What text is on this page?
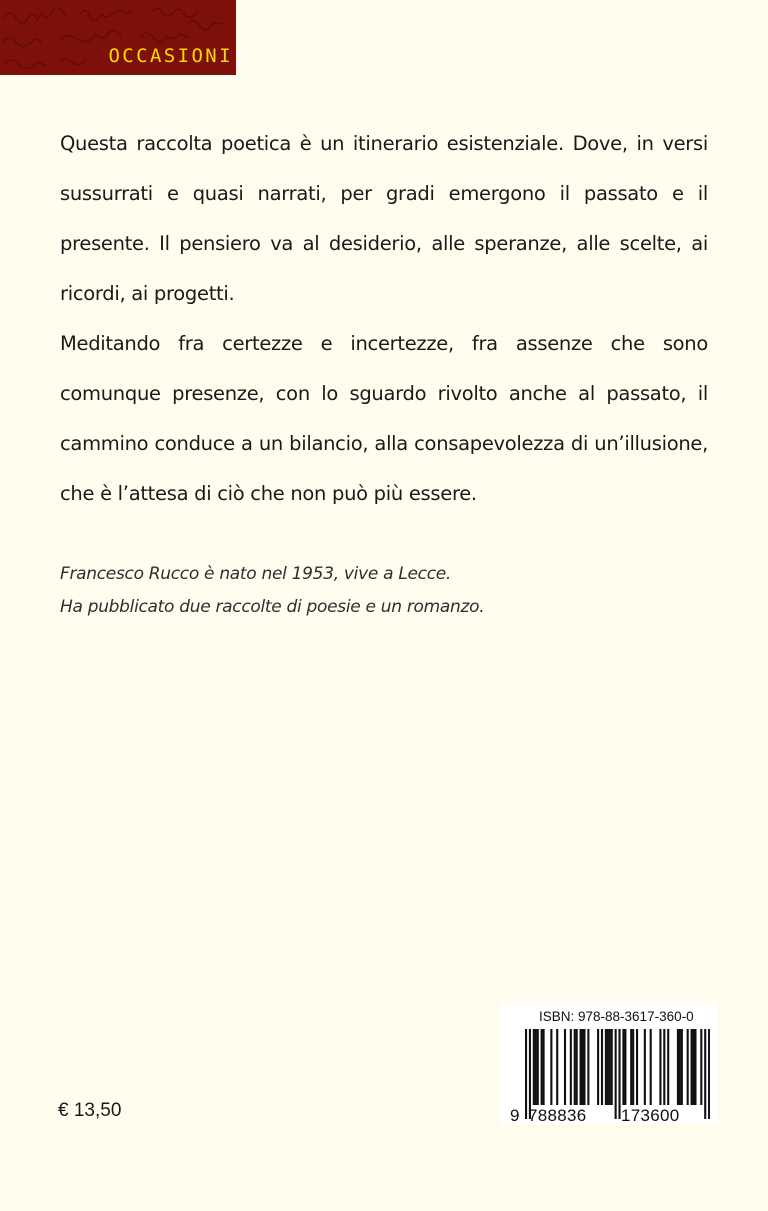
OCCASIONI

Questa raccolta poetica è un itinerario esistenziale. Dove, in versi sussurrati e quasi narrati, per gradi emergono il passato e il presente. Il pensiero va al desiderio, alle speranze, alle scelte, ai ricordi, ai progetti.

Meditando fra certezze e incertezze, fra assenze che sono comunque presenze, con lo sguardo rivolto anche al passato, il cammino conduce a un bilancio, alla consapevolezza di un’illusione, che è l’attesa di ciò che non può più essere.

Francesco Rucco è nato nel 1953, vive a Lecce.

Ha pubblicato due raccolte di poesie e un romanzo.

€ 13,50
ISBN: 978-88-3617-360-0
9 788836 173600
